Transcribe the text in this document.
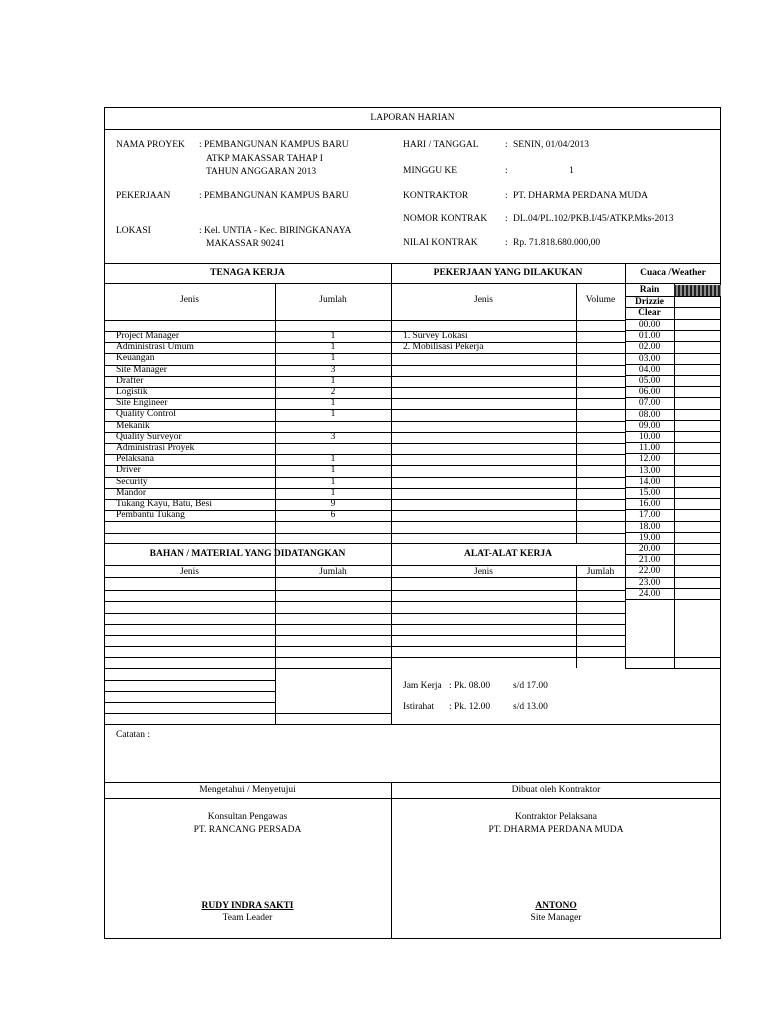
LAPORAN HARIAN
NAMA PROYEK : PEMBANGUNAN KAMPUS BARU
ATKP MAKASSAR TAHAP I
TAHUN ANGGARAN 2013
PEKERJAAN	: PEMBANGUNAN KAMPUS BARU
LOKASI	: Kel. UNTIA - Kec. BIRINGKANAYA
MAKASSAR 90241
HARI / TANGGAL	: SENIN, 01/04/2013
MINGGU KE	:	1
KONTRAKTOR	: PT. DHARMA PERDANA MUDA
NOMOR KONTRAK : DL.04/PL.102/PKB.I/45/ATKP.Mks-2013
NILAI KONTRAK	: Rp. 71.818.680.000,00
TENAGA KERJA	PEKERJAAN YANG DILAKUKAN	Cuaca /Weather
Jenis	Jumlah	Jenis	Volume
Rain
Drizzie
Clear
Project Manager	1
Administrasi Umum	1
Keuangan	1
Site Manager	3
Drafter	1
Logistik	2
Site Engineer	1
Quality Control	1
Mekanik
Quality Surveyor	3
Administrasi Proyek
Pelaksana	1
Driver	1
Security	1
Mandor	1
Tukang Kayu, Batu, Besi	9
Pembantu Tukang	6
1. Survey Lokasi
2. Mobilisasi Pekerja
00.00
01.00
02.00
03.00
04.00
05.00
06.00
07.00
08.00
09.00
10.00
11.00
12.00
13.00
14.00
15.00
16.00
17.00
18.00
19.00
20.00
21.00
22.00
23.00
24.00
BAHAN / MATERIAL YANG DIDATANGKAN	ALAT-ALAT KERJA
Jenis	Jumlah	Jenis	Jumlah
Jam Kerja : Pk. 08.00 s/d 17.00
Istirahat : Pk. 12.00 s/d 13.00
Catatan :
Mengetahui / Menyetujui	Dibuat oleh Kontraktor
Konsultan Pengawas
PT. RANCANG PERSADA
Kontraktor Pelaksana
PT. DHARMA PERDANA MUDA
RUDY INDRA SAKTI
Team Leader
ANTONO
Site Manager
